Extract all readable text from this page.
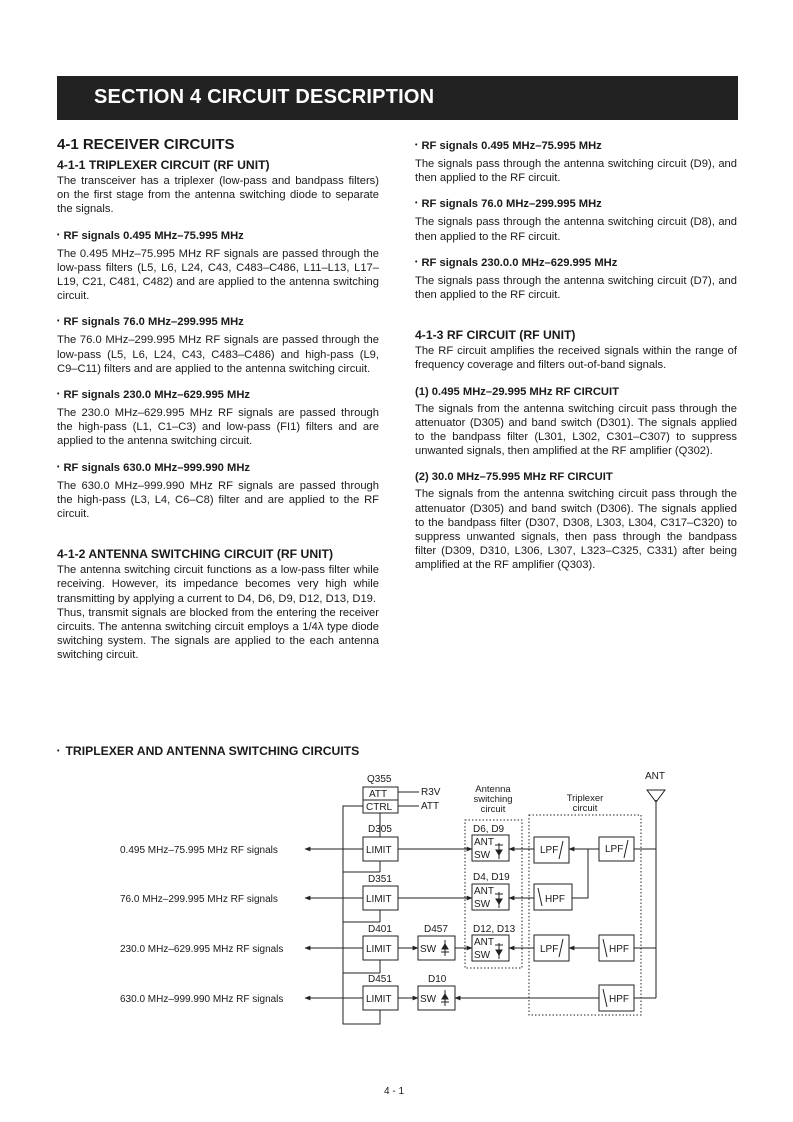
SECTION 4 CIRCUIT DESCRIPTION
4-1 RECEIVER CIRCUITS
4-1-1 TRIPLEXER CIRCUIT (RF UNIT)

The transceiver has a triplexer (low-pass and bandpass filters) on the first stage from the antenna switching diode to separate the signals.

• RF signals 0.495 MHz–75.995 MHz

The 0.495 MHz–75.995 MHz RF signals are passed through the low-pass filters (L5, L6, L24, C43, C483–C486, L11–L13, L17–L19, C21, C481, C482) and are applied to the antenna switching circuit.

• RF signals 76.0 MHz–299.995 MHz

The 76.0 MHz–299.995 MHz RF signals are passed through the low-pass (L5, L6, L24, C43, C483–C486) and high-pass (L9, C9–C11) filters and are applied to the antenna switching circuit.

• RF signals 230.0 MHz–629.995 MHz

The 230.0 MHz–629.995 MHz RF signals are passed through the high-pass (L1, C1–C3) and low-pass (FI1) filters and are applied to the antenna switching circuit.

• RF signals 630.0 MHz–999.990 MHz

The 630.0 MHz–999.990 MHz RF signals are passed through the high-pass (L3, L4, C6–C8) filter and are applied to the RF circuit.

4-1-2 ANTENNA SWITCHING CIRCUIT (RF UNIT)

The antenna switching circuit functions as a low-pass filter while receiving. However, its impedance becomes very high while transmitting by applying a current to D4, D6, D9, D12, D13, D19.

Thus, transmit signals are blocked from the entering the receiver circuits. The antenna switching circuit employs a 1/4λ type diode switching system. The signals are applied to the each antenna switching circuit.

• RF signals 0.495 MHz–75.995 MHz

The signals pass through the antenna switching circuit (D9), and then applied to the RF circuit.

• RF signals 76.0 MHz–299.995 MHz

The signals pass through the antenna switching circuit (D8), and then applied to the RF circuit.

• RF signals 230.0.0 MHz–629.995 MHz

The signals pass through the antenna switching circuit (D7), and then applied to the RF circuit.

4-1-3 RF CIRCUIT (RF UNIT)

The RF circuit amplifies the received signals within the range of frequency coverage and filters out-of-band signals.

(1) 0.495 MHz–29.995 MHz RF CIRCUIT

The signals from the antenna switching circuit pass through the attenuator (D305) and band switch (D301). The signals applied to the bandpass filter (L301, L302, C301–C307) to suppress unwanted signals, then amplified at the RF amplifier (Q302).

(2) 30.0 MHz–75.995 MHz RF CIRCUIT

The signals from the antenna switching circuit pass through the attenuator (D305) and band switch (D306). The signals applied to the bandpass filter (D307, D308, L303, L304, C317–C320) to suppress unwanted signals, then pass through the bandpass filter (D309, D310, L306, L307, L323–C325, C331) after being amplified at the RF amplifier (Q303).

• TRIPLEXER AND ANTENNA SWITCHING CIRCUITS
Q355
ATT
CTRL
R3V
ATT
0.495 MHz–75.995 MHz RF signals
76.0 MHz–299.995 MHz RF signals
230.0 MHz–629.995 MHz RF signals
630.0 MHz–999.990 MHz RF signals
D305
D351
D401
D451
LIMIT
LIMIT
LIMIT
LIMIT
D6, D9
D4, D19
D12, D13
ANT
SW
ANT
SW
ANT
SW
SW
SW
D457
D10
LPF	LPF
HPF
LPF	HPF
HPF
ANT
Antenna
switching
circuit
Triplexer
circuit
4 - 1
